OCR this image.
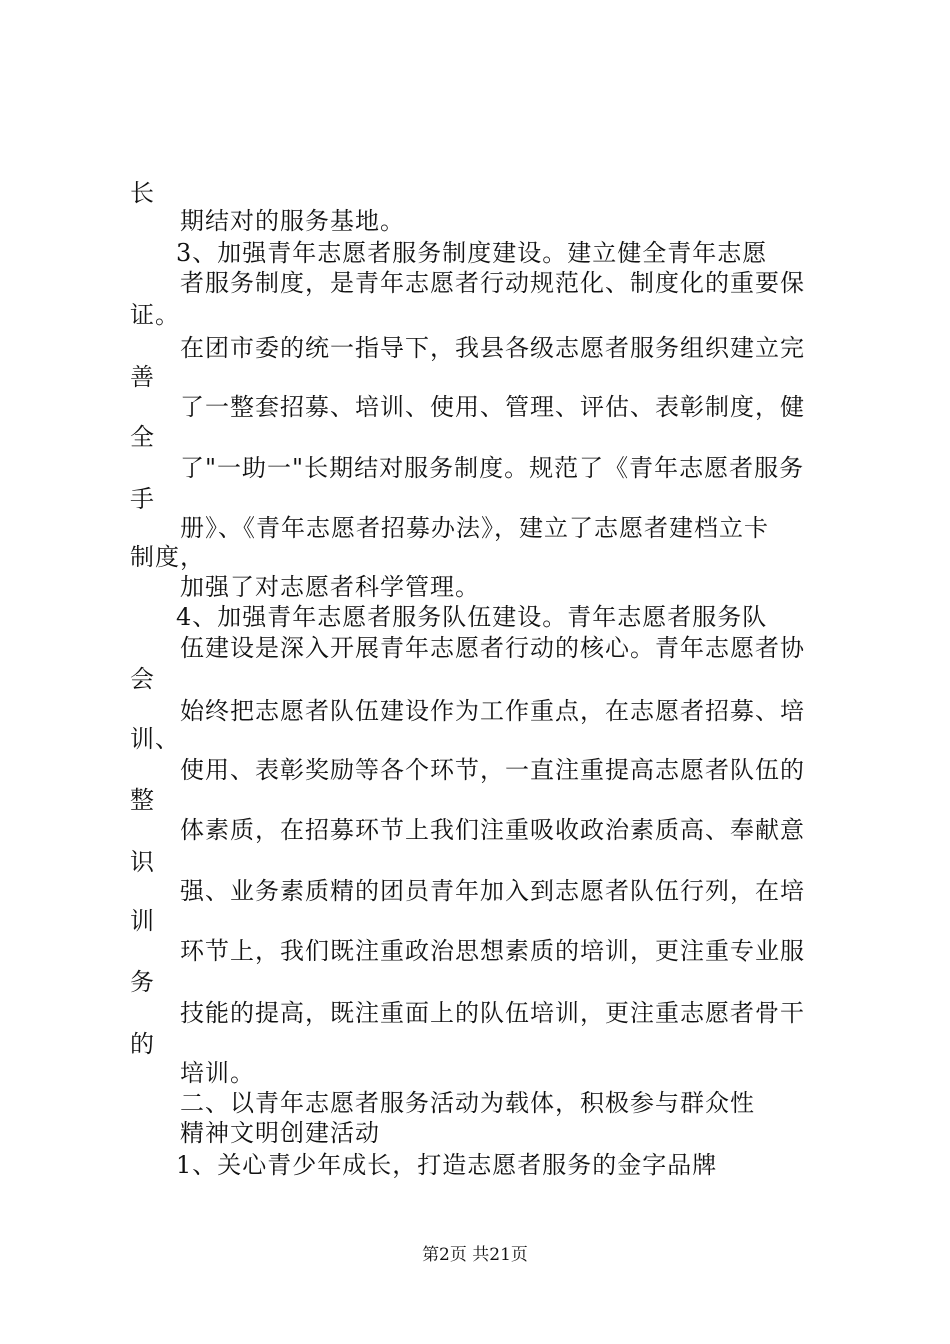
长
期结对的服务基地。
3、加强青年志愿者服务制度建设。建立健全青年志愿
者服务制度，是青年志愿者行动规范化、制度化的重要保
证。
在团市委的统一指导下，我县各级志愿者服务组织建立完
善
了一整套招募、培训、使用、管理、评估、表彰制度，健
全
了"一助一"长期结对服务制度。规范了《青年志愿者服务
手
册》、《青年志愿者招募办法》，建立了志愿者建档立卡
制度，
加强了对志愿者科学管理。
4、加强青年志愿者服务队伍建设。青年志愿者服务队
伍建设是深入开展青年志愿者行动的核心。青年志愿者协
会
始终把志愿者队伍建设作为工作重点，在志愿者招募、培
训、
使用、表彰奖励等各个环节，一直注重提高志愿者队伍的
整
体素质，在招募环节上我们注重吸收政治素质高、奉献意
识
强、业务素质精的团员青年加入到志愿者队伍行列，在培
训
环节上，我们既注重政治思想素质的培训，更注重专业服
务
技能的提高，既注重面上的队伍培训，更注重志愿者骨干
的
培训。
二、以青年志愿者服务活动为载体，积极参与群众性
精神文明创建活动
1、关心青少年成长，打造志愿者服务的金字品牌
第2页 共21页
